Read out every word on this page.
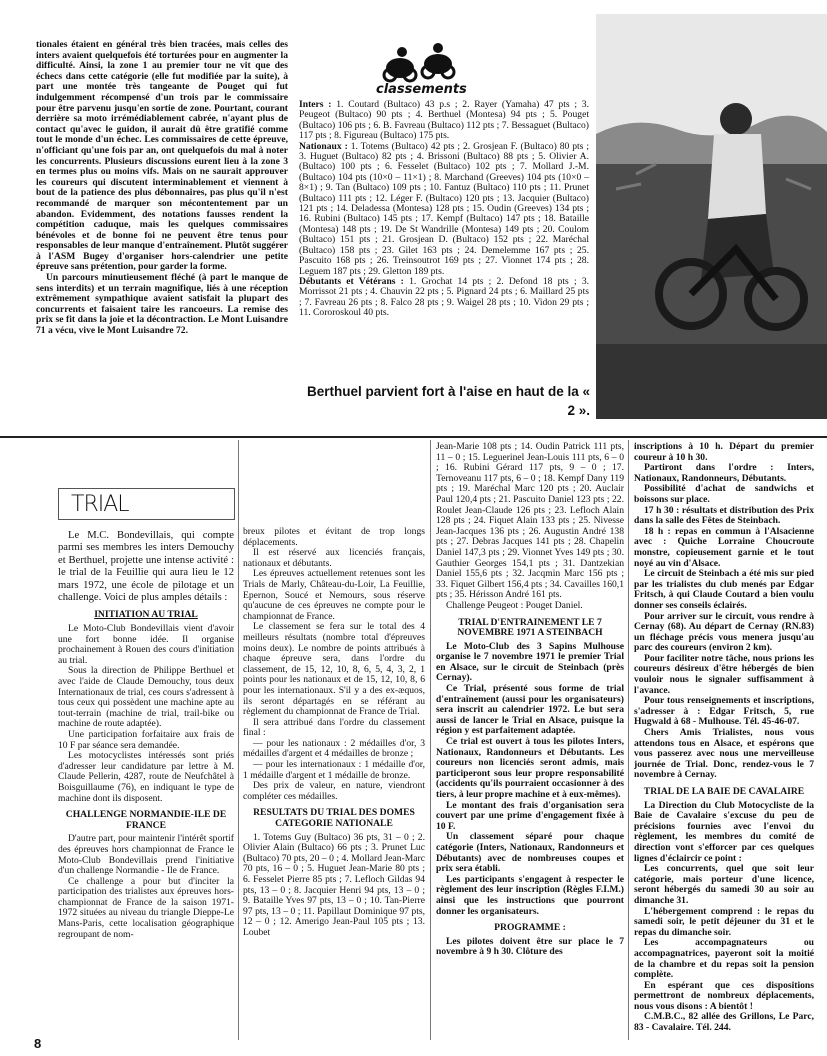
tionales étaient en général très bien tracées, mais celles des inters avaient quelquefois été torturées pour en augmenter la difficulté. Ainsi, la zone 1 au premier tour ne vit que des échecs dans cette catégorie (elle fut modifiée par la suite), à part une montée très tangeante de Pouget qui fut indulgemment récompensé d'un trois par le commissaire pour être parvenu jusqu'en sortie de zone. Pourtant, courant derrière sa moto irrémédiablement cabrée, n'ayant plus de contact qu'avec le guidon, il aurait dû être gratifié comme tout le monde d'un échec. Les commissaires de cette épreuve, n'officiant qu'une fois par an, ont quelquefois du mal à noter les concurrents. Plusieurs discussions eurent lieu à la zone 3 en termes plus ou moins vifs. Mais on ne saurait approuver les coureurs qui discutent interminablement et viennent à bout de la patience des plus débonnaires, pas plus qu'il n'est recommandé de marquer son mécontentement par un abandon. Evidemment, des notations fausses rendent la compétition caduque, mais les quelques commissaires bénévoles et de bonne foi ne peuvent être tenus pour responsables de leur manque d'entraînement. Plutôt suggérer à l'ASM Bugey d'organiser hors-calendrier une petite épreuve sans prétention, pour garder la forme.

Un parcours minutieusement fléché (à part le manque de sens interdits) et un terrain magnifique, liés à une réception extrêmement sympathique avaient satisfait la plupart des concurrents et faisaient taire les rancoeurs. La remise des prix se fit dans la joie et la décontraction. Le Mont Luisandre 71 a vécu, vive le Mont Luisandre 72.

classements

Inters : 1. Coutard (Bultaco) 43 p.s ; 2. Rayer (Yamaha) 47 pts ; 3. Peugeot (Bultaco) 90 pts ; 4. Berthuel (Montesa) 94 pts ; 5. Pouget (Bultaco) 106 pts ; 6. B. Favreau (Bultaco) 112 pts ; 7. Bessaguet (Bultaco) 117 pts ; 8. Figureau (Bultaco) 175 pts.

Nationaux : 1. Totems (Bultaco) 42 pts ; 2. Grosjean F. (Bultaco) 80 pts ; 3. Huguet (Bultaco) 82 pts ; 4. Brissoni (Bultaco) 88 pts ; 5. Olivier A. (Bultaco) 100 pts ; 6. Fesselet (Bultaco) 102 pts ; 7. Mollard J.-M. (Bultaco) 104 pts (10×0 – 11×1) ; 8. Marchand (Greeves) 104 pts (10×0 – 8×1) ; 9. Tan (Bultaco) 109 pts ; 10. Fantuz (Bultaco) 110 pts ; 11. Prunet (Bultaco) 111 pts ; 12. Léger F. (Bultaco) 120 pts ; 13. Jacquier (Bultaco) 121 pts ; 14. Deladessa (Montesa) 128 pts ; 15. Oudin (Greeves) 134 pts ; 16. Rubini (Bultaco) 145 pts ; 17. Kempf (Bultaco) 147 pts ; 18. Bataille (Montesa) 148 pts ; 19. De St Wandrille (Montesa) 149 pts ; 20. Coulom (Bultaco) 151 pts ; 21. Grosjean D. (Bultaco) 152 pts ; 22. Maréchal (Bultaco) 158 pts ; 23. Gilet 163 pts ; 24. Demelemme 167 pts ; 25. Pascuito 168 pts ; 26. Treinsoutrot 169 pts ; 27. Vionnet 174 pts ; 28. Leguem 187 pts ; 29. Gletton 189 pts.

Débutants et Vétérans : 1. Grochat 14 pts ; 2. Defond 18 pts ; 3. Morrissot 21 pts ; 4. Chauvin 22 pts ; 5. Pignard 24 pts ; 6. Maillard 25 pts ; 7. Favreau 26 pts ; 8. Falco 28 pts ; 9. Waigel 28 pts ; 10. Vidon 29 pts ; 11. Cororoskoul 40 pts.

Berthuel parvient fort à l'aise en haut de la « 2 ».
TRIAL

Le M.C. Bondevillais, qui compte parmi ses membres les inters Demouchy et Berthuel, projette une intense activité : le trial de la Feuillie qui aura lieu le 12 mars 1972, une école de pilotage et un challenge. Voici de plus amples détails :

INITIATION AU TRIAL

Le Moto-Club Bondevillais vient d'avoir une fort bonne idée. Il organise prochainement à Rouen des cours d'initiation au trial.

Sous la direction de Philippe Berthuel et avec l'aide de Claude Demouchy, tous deux Internationaux de trial, ces cours s'adressent à tous ceux qui possèdent une machine apte au tout-terrain (machine de trial, trail-bike ou machine de route adaptée).

Une participation forfaitaire aux frais de 10 F par séance sera demandée.

Les motocyclistes intéressés sont priés d'adresser leur candidature par lettre à M. Claude Pellerin, 4287, route de Neufchâtel à Boisguillaume (76), en indiquant le type de machine dont ils disposent.

CHALLENGE NORMANDIE-ILE DE FRANCE

D'autre part, pour maintenir l'intérêt sportif des épreuves hors championnat de France le Moto-Club Bondevillais prend l'initiative d'un challenge Normandie - Ile de France.

Ce challenge a pour but d'inciter la participation des trialistes aux épreuves hors-championnat de France de la saison 1971-1972 situées au niveau du triangle Dieppe-Le Mans-Paris, cette localisation géographique regroupant de nom-

breux pilotes et évitant de trop longs déplacements.

Il est réservé aux licenciés français, nationaux et débutants.

Les épreuves actuellement retenues sont les Trials de Marly, Château-du-Loir, La Feuillie, Epernon, Soucé et Nemours, sous réserve qu'aucune de ces épreuves ne compte pour le championnat de France.

Le classement se fera sur le total des 4 meilleurs résultats (nombre total d'épreuves moins deux). Le nombre de points attribués à chaque épreuve sera, dans l'ordre du classement, de 15, 12, 10, 8, 6, 5, 4, 3, 2, 1 points pour les nationaux et de 15, 12, 10, 8, 6 pour les internationaux. S'il y a des ex-æquos, ils seront départagés en se référant au règlement du championnat de France de Trial.

Il sera attribué dans l'ordre du classement final :

— pour les nationaux : 2 médailles d'or, 3 médailles d'argent et 4 médailles de bronze ;

— pour les internationaux : 1 médaille d'or, 1 médaille d'argent et 1 médaille de bronze.

Des prix de valeur, en nature, viendront compléter ces médailles.

RESULTATS DU TRIAL DES DOMES CATEGORIE NATIONALE

1. Totems Guy (Bultaco) 36 pts, 31 – 0 ; 2. Olivier Alain (Bultaco) 66 pts ; 3. Prunet Luc (Bultaco) 70 pts, 20 – 0 ; 4. Mollard Jean-Marc 70 pts, 16 – 0 ; 5. Huguet Jean-Marie 80 pts ; 6. Fesselet Pierre 85 pts ; 7. Lefloch Gildas 94 pts, 13 – 0 ; 8. Jacquier Henri 94 pts, 13 – 0 ; 9. Bataille Yves 97 pts, 13 – 0 ; 10. Tan-Pierre 97 pts, 13 – 0 ; 11. Papillaut Dominique 97 pts, 12 – 0 ; 12. Amerigo Jean-Paul 105 pts ; 13. Loubet

Jean-Marie 108 pts ; 14. Oudin Patrick 111 pts, 11 – 0 ; 15. Leguerinel Jean-Louis 111 pts, 6 – 0 ; 16. Rubini Gérard 117 pts, 9 – 0 ; 17. Ternoveanu 117 pts, 6 – 0 ; 18. Kempf Dany 119 pts ; 19. Maréchal Marc 120 pts ; 20. Auclair Paul 120,4 pts ; 21. Pascuito Daniel 123 pts ; 22. Roulet Jean-Claude 126 pts ; 23. Lefloch Alain 128 pts ; 24. Fiquet Alain 133 pts ; 25. Nivesse Jean-Jacques 136 pts ; 26. Augustin André 138 pts ; 27. Debras Jacques 141 pts ; 28. Chapelin Daniel 147,3 pts ; 29. Vionnet Yves 149 pts ; 30. Gauthier Georges 154,1 pts ; 31. Dantzekian Daniel 155,6 pts ; 32. Jacqmin Marc 156 pts ; 33. Fiquet Gilbert 156,4 pts ; 34. Cavailles 160,1 pts ; 35. Hérisson André 161 pts.

Challenge Peugeot : Pouget Daniel.

TRIAL D'ENTRAINEMENT LE 7 NOVEMBRE 1971 A STEINBACH

Le Moto-Club des 3 Sapins Mulhouse organise le 7 novembre 1971 le premier Trial en Alsace, sur le circuit de Steinbach (près Cernay).

Ce Trial, présenté sous forme de trial d'entraînement (aussi pour les organisateurs) sera inscrit au calendrier 1972. Le but sera aussi de lancer le Trial en Alsace, puisque la région y est parfaitement adaptée.

Ce trial est ouvert à tous les pilotes Inters, Nationaux, Randonneurs et Débutants. Les coureurs non licenciés seront admis, mais participeront sous leur propre responsabilité (accidents qu'ils pourraient occasionner à des tiers, à leur propre machine et à eux-mêmes).

Le montant des frais d'organisation sera couvert par une prime d'engagement fixée à 10 F.

Un classement séparé pour chaque catégorie (Inters, Nationaux, Randonneurs et Débutants) avec de nombreuses coupes et prix sera établi.

Les participants s'engagent à respecter le règlement des leur inscription (Règles F.I.M.) ainsi que les instructions que pourront donner les organisateurs.

PROGRAMME :

Les pilotes doivent être sur place le 7 novembre à 9 h 30. Clôture des

inscriptions à 10 h. Départ du premier coureur à 10 h 30.

Partiront dans l'ordre : Inters, Nationaux, Randonneurs, Débutants.

Possibilité d'achat de sandwichs et boissons sur place.

17 h 30 : résultats et distribution des Prix dans la salle des Fêtes de Steinbach.

18 h : repas en commun à l'Alsacienne avec : Quiche Lorraine Choucroute monstre, copieusement garnie et le tout noyé au vin d'Alsace.

Le circuit de Steinbach a été mis sur pied par les trialistes du club menés par Edgar Fritsch, à qui Claude Coutard a bien voulu donner ses conseils éclairés.

Pour arriver sur le circuit, vous rendre à Cernay (68). Au départ de Cernay (RN.83) un fléchage précis vous menera jusqu'au parc des coureurs (environ 2 km).

Pour faciliter notre tâche, nous prions les coureurs désireux d'être hébergés de bien vouloir nous le signaler suffisamment à l'avance.

Pour tous renseignements et inscriptions, s'adresser à : Edgar Fritsch, 5, rue Hugwald à 68 - Mulhouse. Tél. 45-46-07.

Chers Amis Trialistes, nous vous attendons tous en Alsace, et espérons que vous passerez avec nous une merveilleuse journée de Trial. Donc, rendez-vous le 7 novembre à Cernay.

TRIAL DE LA BAIE DE CAVALAIRE

La Direction du Club Motocycliste de la Baie de Cavalaire s'excuse du peu de précisions fournies avec l'envoi du règlement, les membres du comité de direction vont s'efforcer par ces quelques lignes d'éclaircir ce point :

Les concurrents, quel que soit leur catégorie, mais porteur d'une licence, seront hébergés du samedi 30 au soir au dimanche 31.

L'hébergement comprend : le repas du samedi soir, le petit déjeuner du 31 et le repas du dimanche soir.

Les accompagnateurs ou accompagnatrices, payeront soit la moitié de la chambre et du repas soit la pension complète.

En espérant que ces dispositions permettront de nombreux déplacements, nous vous disons : A bientôt !

C.M.B.C., 82 allée des Grillons, Le Parc, 83 - Cavalaire. Tél. 244.

8
